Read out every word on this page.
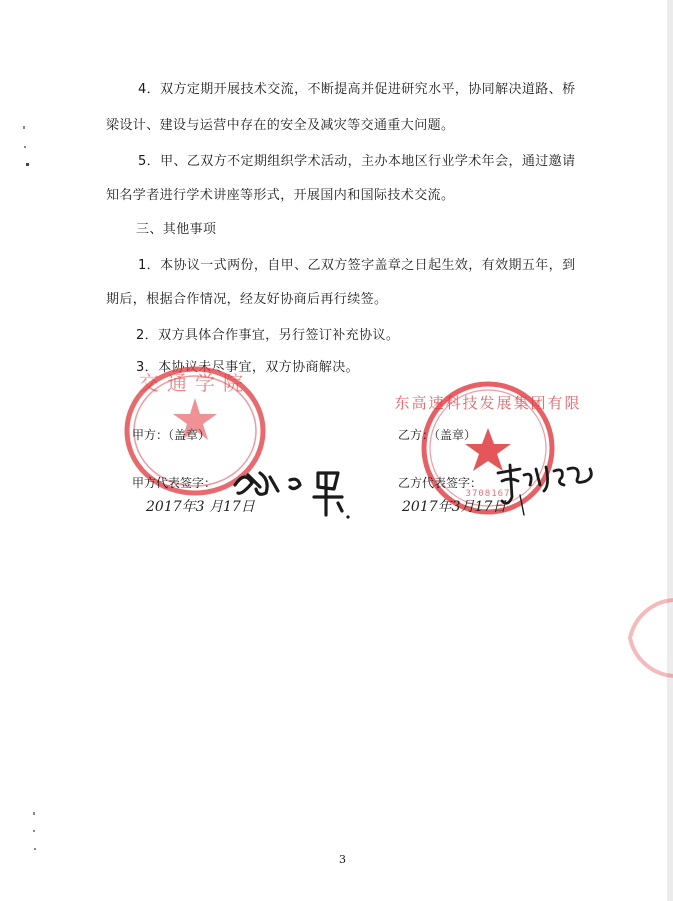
4．双方定期开展技术交流，不断提高并促进研究水平，协同解决道路、桥
梁设计、建设与运营中存在的安全及减灾等交通重大问题。
5．甲、乙双方不定期组织学术活动，主办本地区行业学术年会，通过邀请
知名学者进行学术讲座等形式，开展国内和国际技术交流。
三、其他事项
1．本协议一式两份，自甲、乙双方签字盖章之日起生效，有效期五年，到
期后，根据合作情况，经友好协商后再行续签。
2．双方具体合作事宜，另行签订补充协议。
3．本协议未尽事宜，双方协商解决。
交通学院
东高速科技发展集团有限
3708167
甲方：（盖章）
甲方代表签字：
2017年3 月17日
乙方：（盖章）
乙方代表签字：
2017年3月17日
3
